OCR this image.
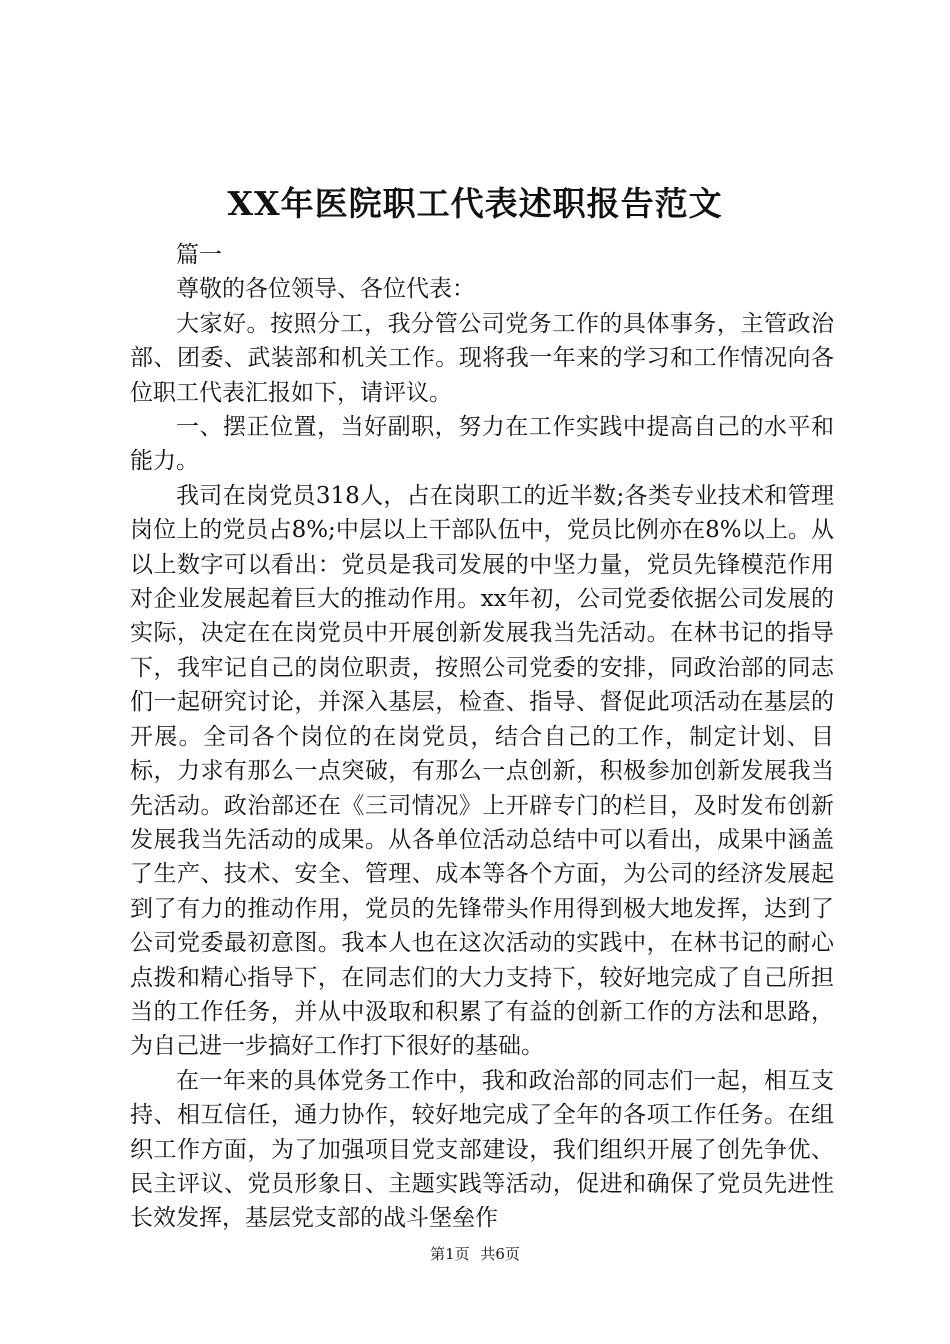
XX年医院职工代表述职报告范文

篇一

尊敬的各位领导、各位代表：

大家好。按照分工，我分管公司党务工作的具体事务，主管政治部、团委、武装部和机关工作。现将我一年来的学习和工作情况向各位职工代表汇报如下，请评议。

一、摆正位置，当好副职，努力在工作实践中提高自己的水平和能力。

我司在岗党员318人，占在岗职工的近半数;各类专业技术和管理岗位上的党员占8%;中层以上干部队伍中，党员比例亦在8%以上。从以上数字可以看出：党员是我司发展的中坚力量，党员先锋模范作用对企业发展起着巨大的推动作用。xx年初，公司党委依据公司发展的实际，决定在在岗党员中开展创新发展我当先活动。在林书记的指导下，我牢记自己的岗位职责，按照公司党委的安排，同政治部的同志们一起研究讨论，并深入基层，检查、指导、督促此项活动在基层的开展。全司各个岗位的在岗党员，结合自己的工作，制定计划、目标，力求有那么一点突破，有那么一点创新，积极参加创新发展我当先活动。政治部还在《三司情况》上开辟专门的栏目，及时发布创新发展我当先活动的成果。从各单位活动总结中可以看出，成果中涵盖了生产、技术、安全、管理、成本等各个方面，为公司的经济发展起到了有力的推动作用，党员的先锋带头作用得到极大地发挥，达到了公司党委最初意图。我本人也在这次活动的实践中，在林书记的耐心点拨和精心指导下，在同志们的大力支持下，较好地完成了自己所担当的工作任务，并从中汲取和积累了有益的创新工作的方法和思路，为自己进一步搞好工作打下很好的基础。

在一年来的具体党务工作中，我和政治部的同志们一起，相互支持、相互信任，通力协作，较好地完成了全年的各项工作任务。在组织工作方面，为了加强项目党支部建设，我们组织开展了创先争优、民主评议、党员形象日、主题实践等活动，促进和确保了党员先进性长效发挥，基层党支部的战斗堡垒作

第1页 共6页
